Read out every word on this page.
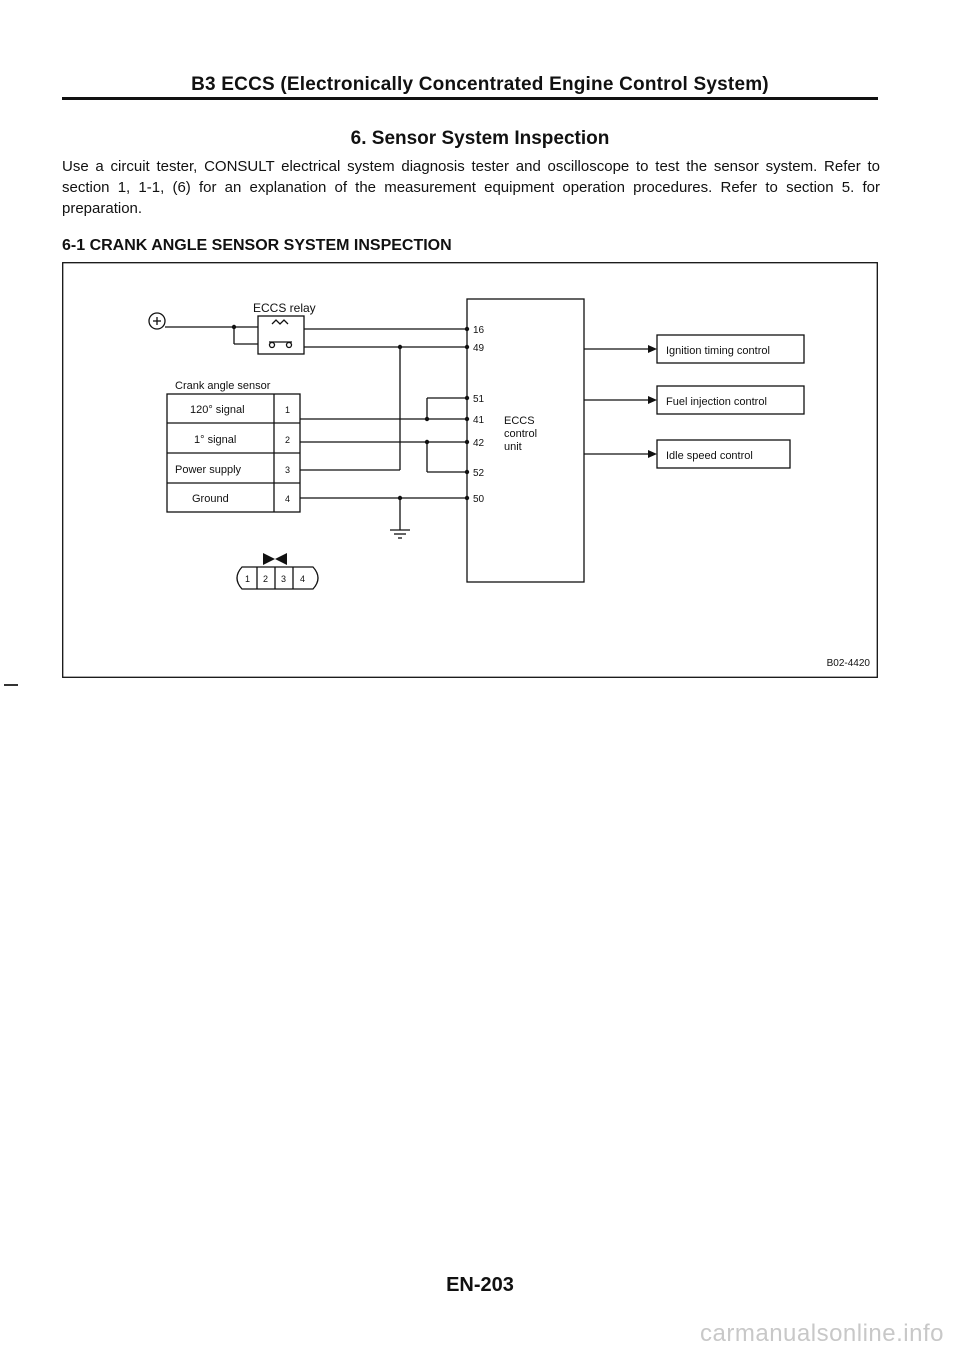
B3 ECCS (Electronically Concentrated Engine Control System)
6. Sensor System Inspection
Use a circuit tester, CONSULT electrical system diagnosis tester and oscilloscope to test the sensor system. Refer to section 1, 1-1, (6) for an explanation of the measurement equipment operation procedures. Refer to section 5. for preparation.
6-1 CRANK ANGLE SENSOR SYSTEM INSPECTION
ECCS relay
Crank angle sensor
120° signal	1
1° signal	2
Power supply	3
Ground	4
16
49
51
41
42
52
50
ECCS
control
unit
Ignition timing control
Fuel injection control
Idle speed control
1 2 3 4
B02-4420
EN-203
carmanualsonline.info
